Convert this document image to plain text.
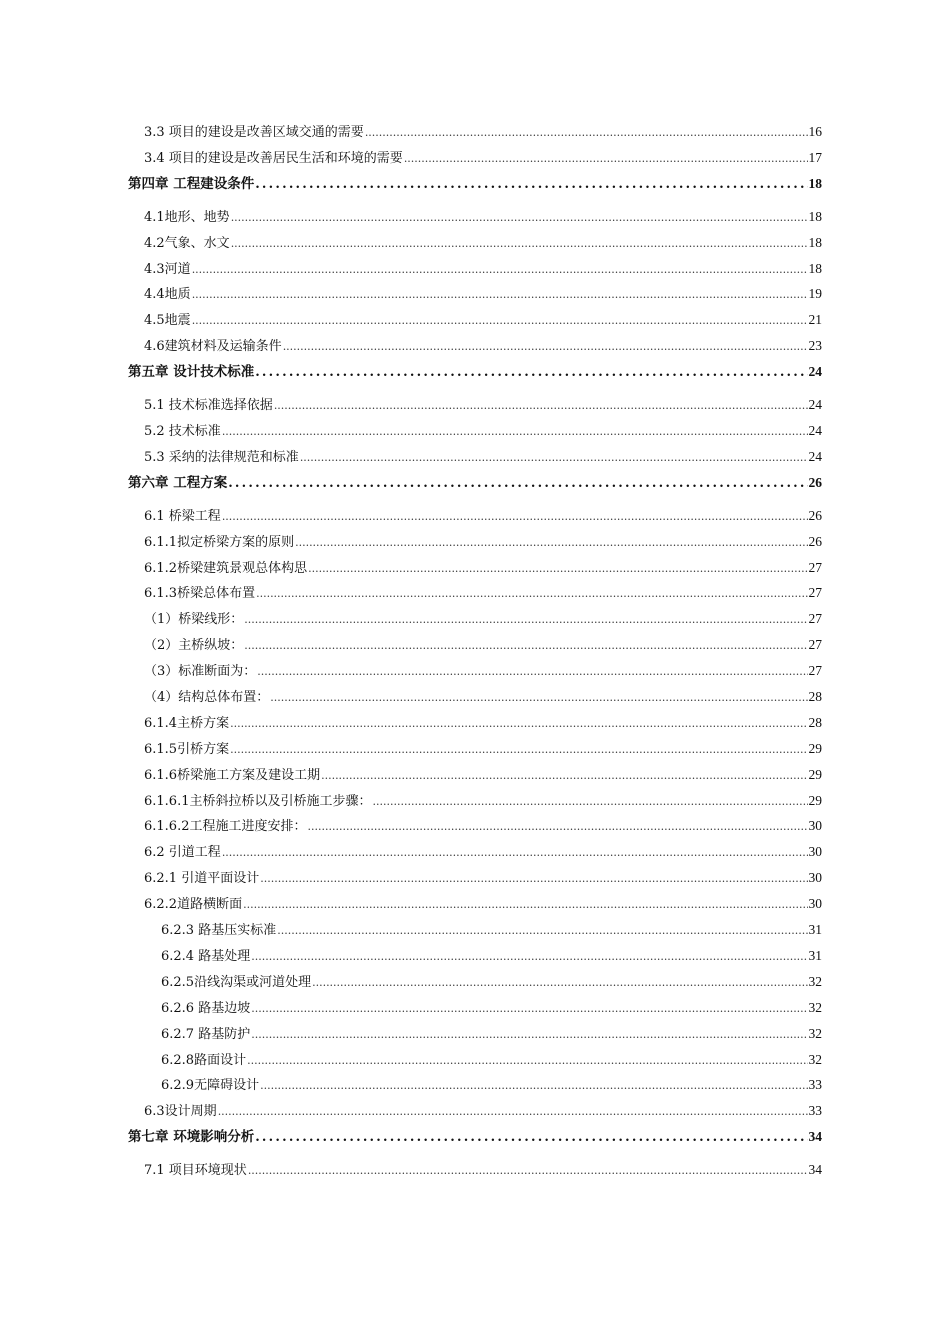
3.3 项目的建设是改善区域交通的需要 .....	16
3.4 项目的建设是改善居民生活和环境的需要 .....	17
第四章 工程建设条件 .....	18
4.1地形、地势 .....	18
4.2气象、水文 .....	18
4.3河道 .....	18
4.4地质 .....	19
4.5地震 .....	21
4.6建筑材料及运输条件 .....	23
第五章 设计技术标准 .....	24
5.1 技术标准选择依据 .....	24
5.2 技术标准 .....	24
5.3 采纳的法律规范和标准 .....	24
第六章 工程方案 .....	26
6.1 桥梁工程 .....	26
6.1.1拟定桥梁方案的原则 .....	26
6.1.2桥梁建筑景观总体构思 .....	27
6.1.3桥梁总体布置 .....	27
（1）桥梁线形： .....	27
（2）主桥纵坡： .....	27
（3）标准断面为： .....	27
（4）结构总体布置： .....	28
6.1.4主桥方案 .....	28
6.1.5引桥方案 .....	29
6.1.6桥梁施工方案及建设工期 .....	29
6.1.6.1主桥斜拉桥以及引桥施工步骤： .....	29
6.1.6.2工程施工进度安排： .....	30
6.2 引道工程 .....	30
6.2.1 引道平面设计 .....	30
6.2.2道路横断面 .....	30
6.2.3 路基压实标准 .....	31
6.2.4 路基处理 .....	31
6.2.5沿线沟渠或河道处理 .....	32
6.2.6 路基边坡 .....	32
6.2.7 路基防护 .....	32
6.2.8路面设计 .....	32
6.2.9无障碍设计 .....	33
6.3设计周期 .....	33
第七章 环境影响分析 .....	34
7.1 项目环境现状 .....	34
